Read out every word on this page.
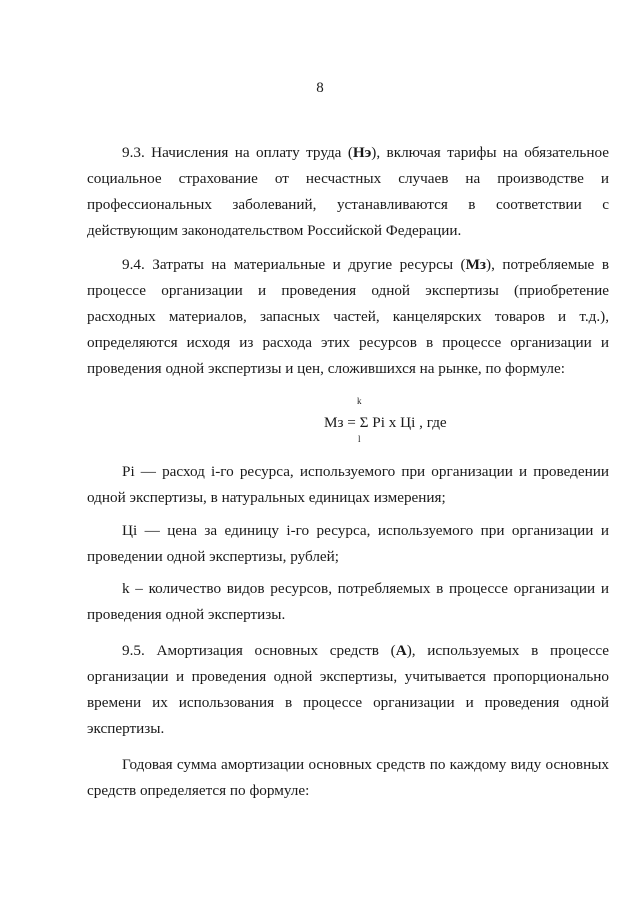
8

9.3. Начисления на оплату труда (Нэ), включая тарифы на обязательное социальное страхование от несчастных случаев на производстве и профессиональных заболеваний, устанавливаются в соответствии с действующим законодательством Российской Федерации.

9.4. Затраты на материальные и другие ресурсы (Мз), потребляемые в процессе организации и проведения одной экспертизы (приобретение расходных материалов, запасных частей, канцелярских товаров и т.д.), определяются исходя из расхода этих ресурсов в процессе организации и проведения одной экспертизы и цен, сложившихся на рынке, по формуле:

k
Мз = Σ Pi x Цi , где
l

Pi — расход i-го ресурса, используемого при организации и проведении одной экспертизы, в натуральных единицах измерения;

Цi — цена за единицу i-го ресурса, используемого при организации и проведении одной экспертизы, рублей;

k – количество видов ресурсов, потребляемых в процессе организации и проведения одной экспертизы.

9.5. Амортизация основных средств (А), используемых в процессе организации и проведения одной экспертизы, учитывается пропорционально времени их использования в процессе организации и проведения одной экспертизы.

Годовая сумма амортизации основных средств по каждому виду основных средств определяется по формуле:
